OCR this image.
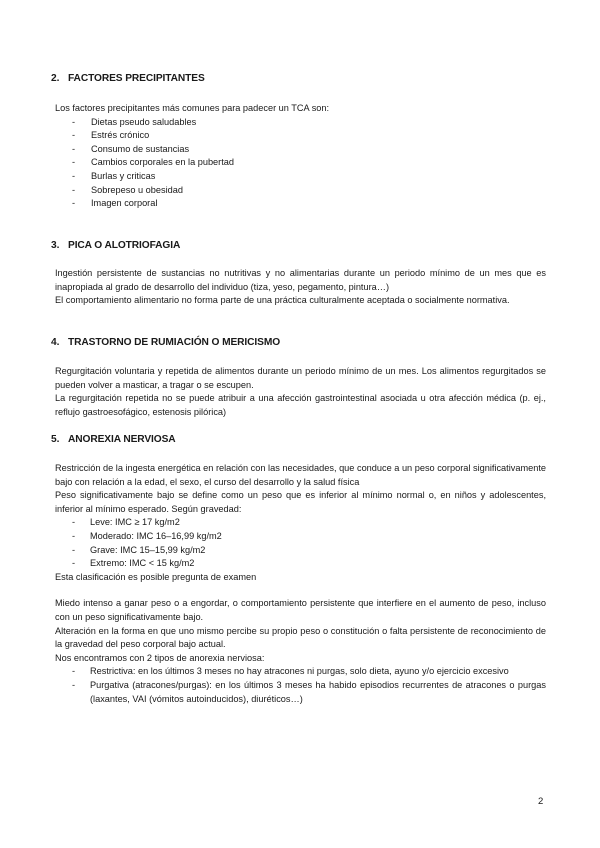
2. FACTORES PRECIPITANTES
Los factores precipitantes más comunes para padecer un TCA son:
- Dietas pseudo saludables
- Estrés crónico
- Consumo de sustancias
- Cambios corporales en la pubertad
- Burlas y criticas
- Sobrepeso u obesidad
- Imagen corporal
3. PICA O ALOTRIOFAGIA

Ingestión persistente de sustancias no nutritivas y no alimentarias durante un periodo mínimo de un mes que es inapropiada al grado de desarrollo del individuo (tiza, yeso, pegamento, pintura…)

El comportamiento alimentario no forma parte de una práctica culturalmente aceptada o socialmente normativa.

4. TRASTORNO DE RUMIACIÓN O MERICISMO

Regurgitación voluntaria y repetida de alimentos durante un periodo mínimo de un mes. Los alimentos regurgitados se pueden volver a masticar, a tragar o se escupen.

La regurgitación repetida no se puede atribuir a una afección gastrointestinal asociada u otra afección médica (p. ej., reflujo gastroesofágico, estenosis pilórica)

5. ANOREXIA NERVIOSA

Restricción de la ingesta energética en relación con las necesidades, que conduce a un peso corporal significativamente bajo con relación a la edad, el sexo, el curso del desarrollo y la salud física

Peso significativamente bajo se define como un peso que es inferior al mínimo normal o, en niños y adolescentes, inferior al mínimo esperado. Según gravedad:

- Leve: IMC ≥ 17 kg/m2
- Moderado: IMC 16–16,99 kg/m2
- Grave: IMC 15–15,99 kg/m2
- Extremo: IMC < 15 kg/m2

Esta clasificación es posible pregunta de examen

Miedo intenso a ganar peso o a engordar, o comportamiento persistente que interfiere en el aumento de peso, incluso con un peso significativamente bajo.

Alteración en la forma en que uno mismo percibe su propio peso o constitución o falta persistente de reconocimiento de la gravedad del peso corporal bajo actual.

Nos encontramos con 2 tipos de anorexia nerviosa:

- Restrictiva: en los últimos 3 meses no hay atracones ni purgas, solo dieta, ayuno y/o ejercicio excesivo
- Purgativa (atracones/purgas): en los últimos 3 meses ha habido episodios recurrentes de atracones o purgas (laxantes, VAI (vómitos autoinducidos), diuréticos…)
2
